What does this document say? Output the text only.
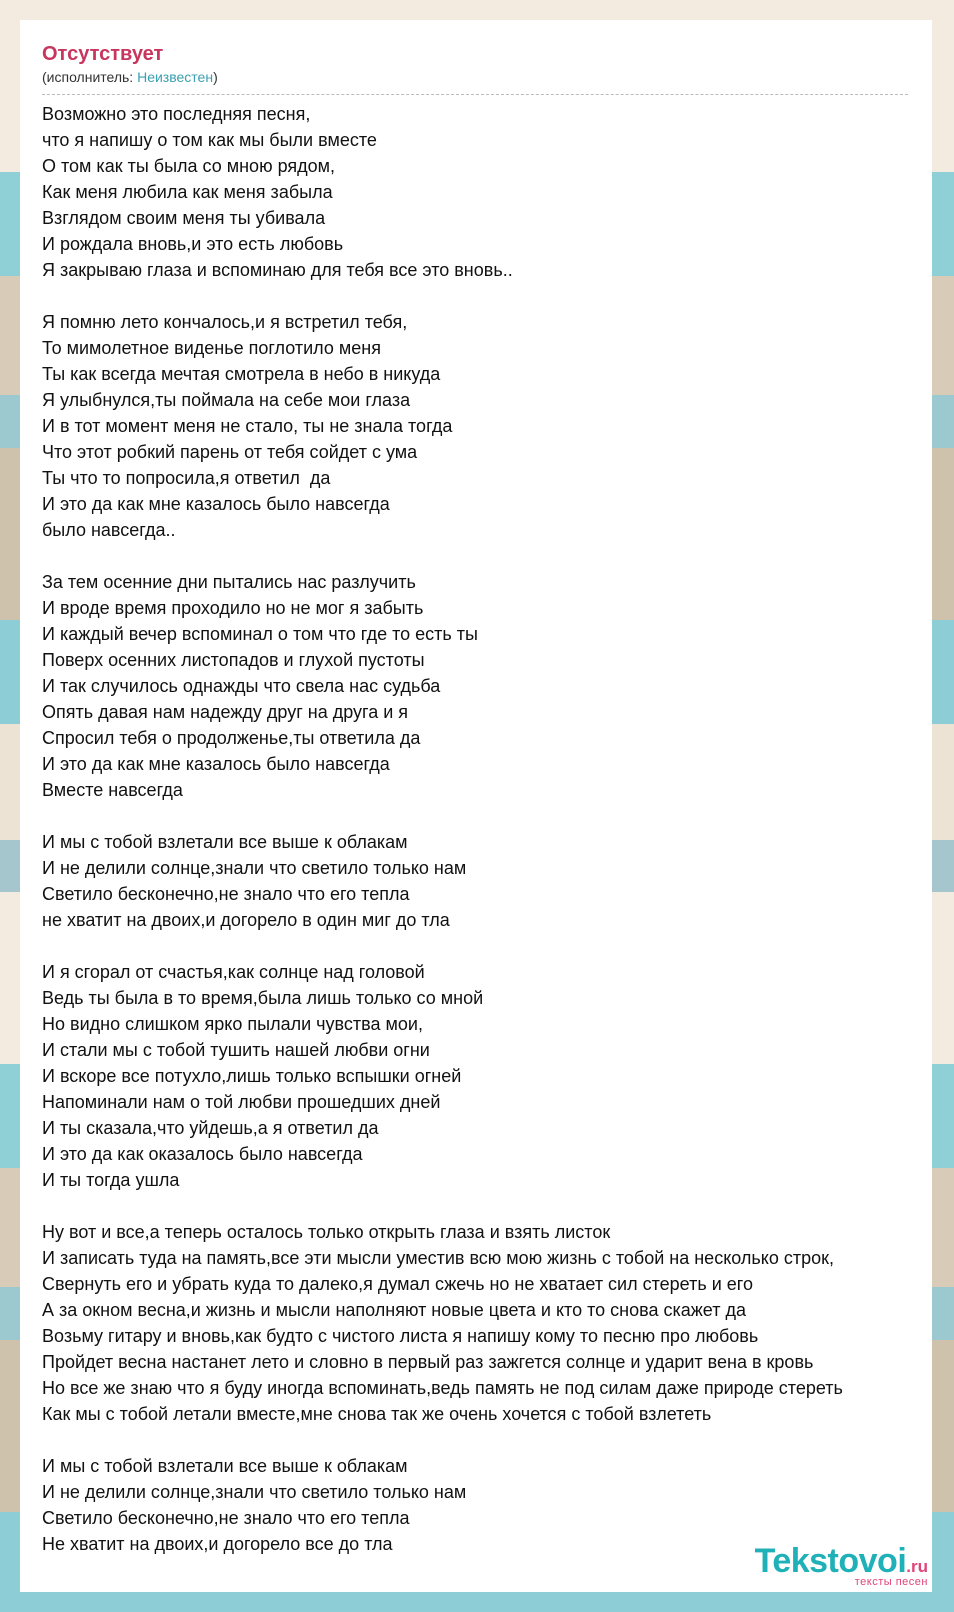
Отсутствует
(исполнитель: Неизвестен)
Возможно это последняя песня,
что я напишу о том как мы были вместе
О том как ты была со мною рядом,
Как меня любила как меня забыла
Взглядом своим меня ты убивала
И рождала вновь,и это есть любовь
Я закрываю глаза и вспоминаю для тебя все это вновь..

Я помню лето кончалось,и я встретил тебя,
То мимолетное виденье поглотило меня
Ты как всегда мечтая смотрела в небо в никуда
Я улыбнулся,ты поймала на себе мои глаза
И в тот момент меня не стало, ты не знала тогда
Что этот робкий парень от тебя сойдет с ума
Ты что то попросила,я ответил  да
И это да как мне казалось было навсегда
было навсегда..

За тем осенние дни пытались нас разлучить
И вроде время проходило но не мог я забыть
И каждый вечер вспоминал о том что где то есть ты
Поверх осенних листопадов и глухой пустоты
И так случилось однажды что свела нас судьба
Опять давая нам надежду друг на друга и я
Спросил тебя о продолженье,ты ответила да
И это да как мне казалось было навсегда
Вместе навсегда

И мы с тобой взлетали все выше к облакам
И не делили солнце,знали что светило только нам
Светило бесконечно,не знало что его тепла
не хватит на двоих,и догорело в один миг до тла

И я сгорал от счастья,как солнце над головой
Ведь ты была в то время,была лишь только со мной
Но видно слишком ярко пылали чувства мои,
И стали мы с тобой тушить нашей любви огни
И вскоре все потухло,лишь только вспышки огней
Напоминали нам о той любви прошедших дней
И ты сказала,что уйдешь,а я ответил да
И это да как оказалось было навсегда
И ты тогда ушла

Ну вот и все,а теперь осталось только открыть глаза и взять листок
И записать туда на память,все эти мысли уместив всю мою жизнь с тобой на несколько строк,
Свернуть его и убрать куда то далеко,я думал сжечь но не хватает сил стереть и его
А за окном весна,и жизнь и мысли наполняют новые цвета и кто то снова скажет да
Возьму гитару и вновь,как будто с чистого листа я напишу кому то песню про любовь
Пройдет весна настанет лето и словно в первый раз зажгется солнце и ударит вена в кровь
Но все же знаю что я буду иногда вспоминать,ведь память не под силам даже природе стереть
Как мы с тобой летали вместе,мне снова так же очень хочется с тобой взлететь

И мы с тобой взлетали все выше к облакам
И не делили солнце,знали что светило только нам
Светило бесконечно,не знало что его тепла
Не хватит на двоих,и догорело все до тла	Tekstovoi.ru
тексты песен
